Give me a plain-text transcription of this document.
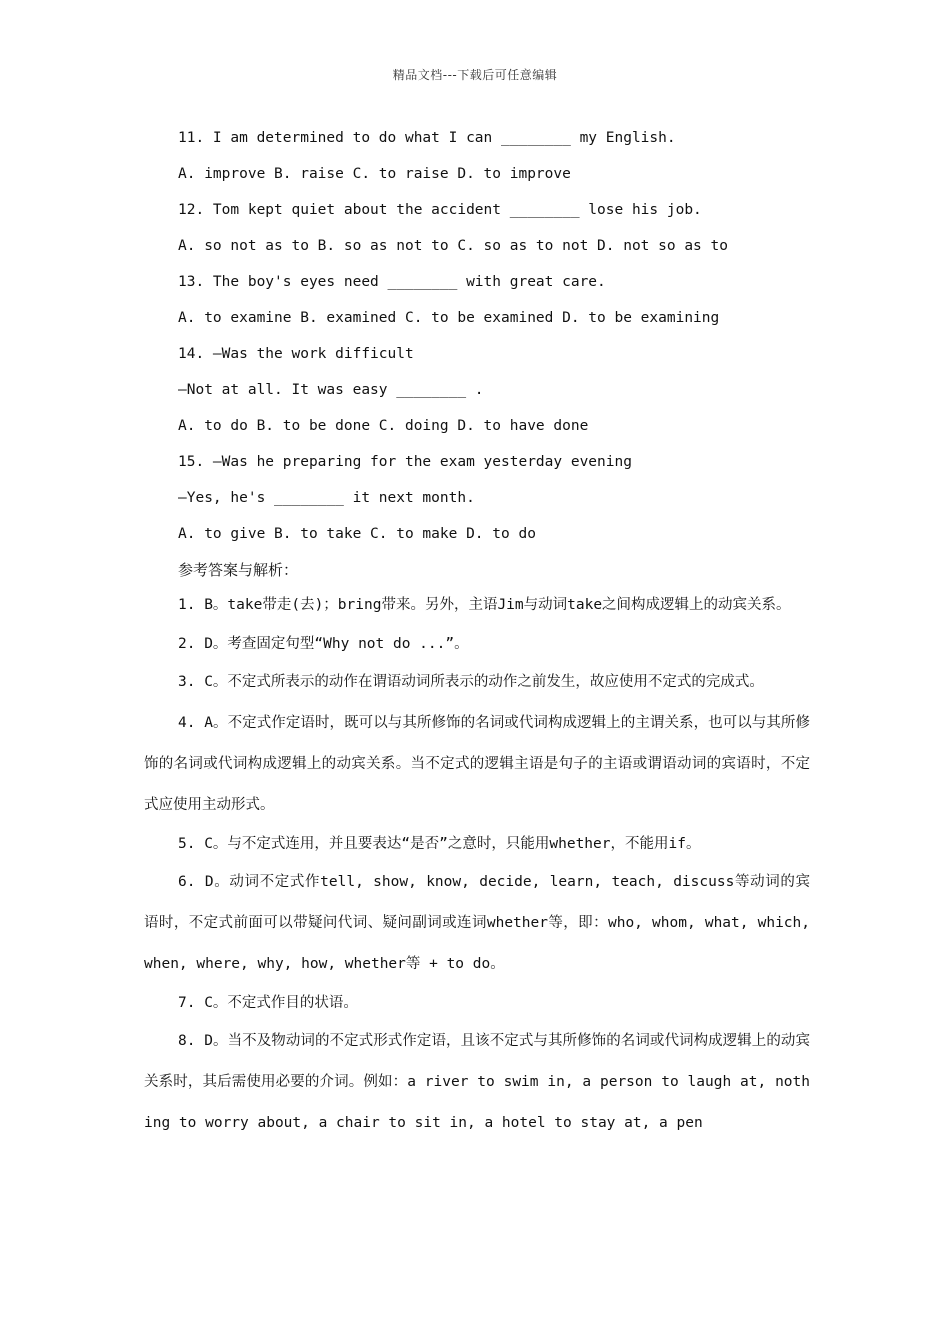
精品文档---下载后可任意编辑
11. I am determined to do what I can ________ my English.
A. improve B. raise C. to raise D. to improve
12. Tom kept quiet about the accident ________ lose his job.
A. so not as to B. so as not to C. so as to not D. not so as to
13. The boy's eyes need ________ with great care.
A. to examine B. examined C. to be examined D. to be examining
14. —Was the work difficult
—Not at all. It was easy ________ .
A. to do B. to be done C. doing D. to have done
15. —Was he preparing for the exam yesterday evening
—Yes, he's ________ it next month.
A. to give B. to take C. to make D. to do
参考答案与解析：

1. B。take带走(去)；bring带来。另外，主语Jim与动词take之间构成逻辑上的动宾关系。

2. D。考查固定句型“Why not do ...”。

3. C。不定式所表示的动作在谓语动词所表示的动作之前发生，故应使用不定式的完成式。

4. A。不定式作定语时，既可以与其所修饰的名词或代词构成逻辑上的主谓关系，也可以与其所修饰的名词或代词构成逻辑上的动宾关系。当不定式的逻辑主语是句子的主语或谓语动词的宾语时，不定式应使用主动形式。

5. C。与不定式连用，并且要表达“是否”之意时，只能用whether，不能用if。

6. D。动词不定式作tell, show, know, decide, learn, teach, discuss等动词的宾语时，不定式前面可以带疑问代词、疑问副词或连词whether等，即：who, whom, what, which, when, where, why, how, whether等 + to do。

7. C。不定式作目的状语。

8. D。当不及物动词的不定式形式作定语，且该不定式与其所修饰的名词或代词构成逻辑上的动宾关系时，其后需使用必要的介词。例如：a river to swim in, a person to laugh at, nothing to worry about, a chair to sit in, a hotel to stay at, a pen
